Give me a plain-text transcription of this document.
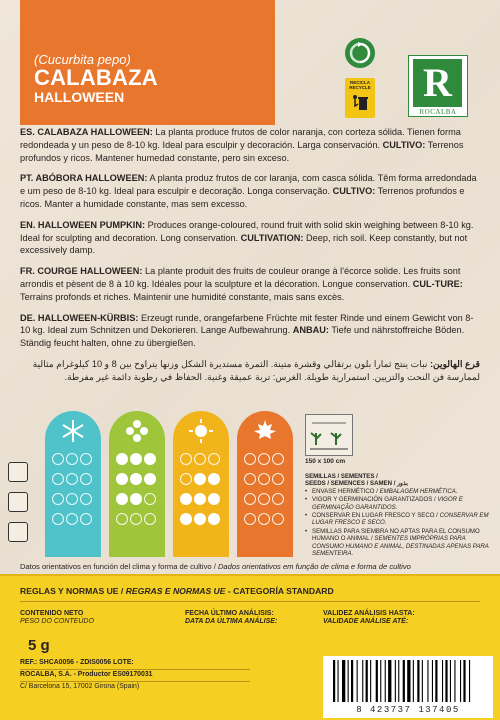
(Cucurbita pepo)
CALABAZA
HALLOWEEN
RECICLA
RECYCLE R
ROCALBA

ES. CALABAZA HALLOWEEN: La planta produce frutos de color naranja, con corteza sólida. Tienen forma redondeada y un peso de 8-10 kg. Ideal para esculpir y decoración. Larga conservación. CULTIVO: Terrenos profundos y ricos. Mantener humedad constante, pero sin exceso.

PT. ABÓBORA HALLOWEEN: A planta produz frutos de cor laranja, com casca sólida. Têm forma arredondada e um peso de 8-10 kg. Ideal para esculpir e decoração. Longa conservação. CULTIVO: Terrenos profundos e ricos. Manter a humidade constante, mas sem excesso.

EN. HALLOWEEN PUMPKIN: Produces orange-coloured, round fruit with solid skin weighing between 8-10 kg. Ideal for sculpting and decoration. Long conservation. CULTIVATION: Deep, rich soil. Keep constantly, but not excessively damp.

FR. COURGE HALLOWEEN: La plante produit des fruits de couleur orange à l'écorce solide. Les fruits sont arrondis et pèsent de 8 à 10 kg. Idéales pour la sculpture et la décoration. Longue conservation. CUL-TURE: Terrains profonds et riches. Maintenir une humidité constante, mais sans excès.

DE. HALLOWEEN-KÜRBIS: Erzeugt runde, orangefarbene Früchte mit fester Rinde und einem Gewicht von 8-10 kg. Ideal zum Schnitzen und Dekorieren. Lange Aufbewahrung. ANBAU: Tiefe und nährstoffreiche Böden. Ständig feucht halten, ohne zu übergießen.

قرع الهالوين: نبات ينتج ثمارا بلون برتقالي وقشرة متينة. الثمرة مستديرة الشكل وزنها يتراوح بين 8 و 10 كيلوغرام مثالية لممارسة فن النحت والتزيين. استمرارية طويلة. الغرس: تربة عميقة وغنية. الحفاظ في رطوبة دائمة غير مفرطة.

150 x 100 cm
SEMILLAS / SEMENTES /
SEEDS / SEMENCES / SAMEN / بذور
• ENVASE HERMÉTICO / EMBALAGEM HERMÉTICA.
• VIGOR Y GERMINACIÓN GARANTIZADOS / VIGOR E GERMINAÇÃO GARANTIDOS.
• CONSERVAR EN LUGAR FRESCO Y SECO / CONSERVAR EM LUGAR FRESCO E SECO.
• SEMILLAS PARA SIEMBRA NO APTAS PARA EL CONSUMO HUMANO O ANIMAL / SEMENTES IMPRÓPRIAS PARA CONSUMO HUMANO E ANIMAL, DESTINADAS APENAS PARA SEMENTEIRA.
Datos orientativos en función del clima y forma de cultivo / Dados orientativos em função de clima e forma de cultivo
REGLAS Y NORMAS UE / REGRAS E NORMAS UE - CATEGORÍA STANDARD
CONTENIDO NETO
PESO DO CONTEÚDO
FECHA ÚLTIMO ANÁLISIS:
DATA DA ÚLTIMA ANÁLISE:
VALIDEZ ANÁLISIS HASTA:
VALIDADE ANÁLISE ATÉ:
5 g
REF.: SHCA0056 - ZDIS0056 LOTE:
ROCALBA, S.A. - Productor ES09170031
C/ Barcelona 15, 17002 Girona (Spain)
8 423737 137405
